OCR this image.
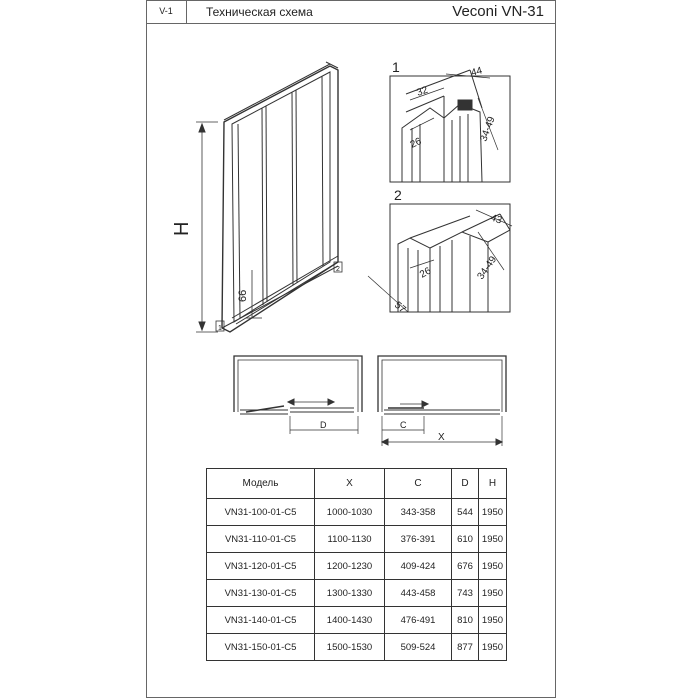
V-1	Техническая схема	Veconi VN-31
H
66
1
2
1
32
44
26
34-49
2
43
26	34-49
57
D	C
X
Модель	X	C	D	H
VN31-100-01-C5	1000-1030	343-358	544	1950
VN31-110-01-C5	1100-1130	376-391	610	1950
VN31-120-01-C5	1200-1230	409-424	676	1950
VN31-130-01-C5	1300-1330	443-458	743	1950
VN31-140-01-C5	1400-1430	476-491	810	1950
VN31-150-01-C5	1500-1530	509-524	877	1950
